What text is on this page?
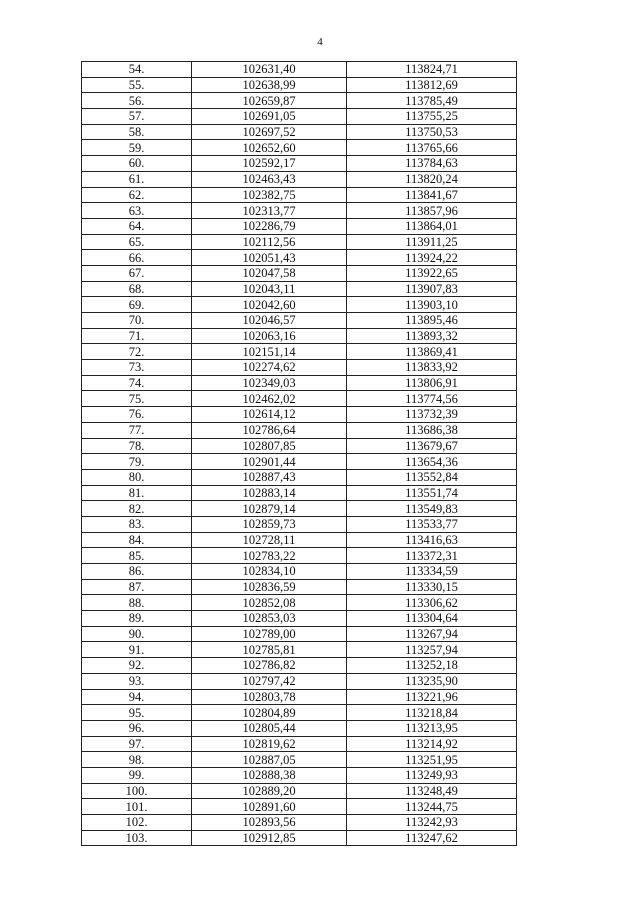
4
54.	102631,40	113824,71
55.	102638,99	113812,69
56.	102659,87	113785,49
57.	102691,05	113755,25
58.	102697,52	113750,53
59.	102652,60	113765,66
60.	102592,17	113784,63
61.	102463,43	113820,24
62.	102382,75	113841,67
63.	102313,77	113857,96
64.	102286,79	113864,01
65.	102112,56	113911,25
66.	102051,43	113924,22
67.	102047,58	113922,65
68.	102043,11	113907,83
69.	102042,60	113903,10
70.	102046,57	113895,46
71.	102063,16	113893,32
72.	102151,14	113869,41
73.	102274,62	113833,92
74.	102349,03	113806,91
75.	102462,02	113774,56
76.	102614,12	113732,39
77.	102786,64	113686,38
78.	102807,85	113679,67
79.	102901,44	113654,36
80.	102887,43	113552,84
81.	102883,14	113551,74
82.	102879,14	113549,83
83.	102859,73	113533,77
84.	102728,11	113416,63
85.	102783,22	113372,31
86.	102834,10	113334,59
87.	102836,59	113330,15
88.	102852,08	113306,62
89.	102853,03	113304,64
90.	102789,00	113267,94
91.	102785,81	113257,94
92.	102786,82	113252,18
93.	102797,42	113235,90
94.	102803,78	113221,96
95.	102804,89	113218,84
96.	102805,44	113213,95
97.	102819,62	113214,92
98.	102887,05	113251,95
99.	102888,38	113249,93
100.	102889,20	113248,49
101.	102891,60	113244,75
102.	102893,56	113242,93
103.	102912,85	113247,62
